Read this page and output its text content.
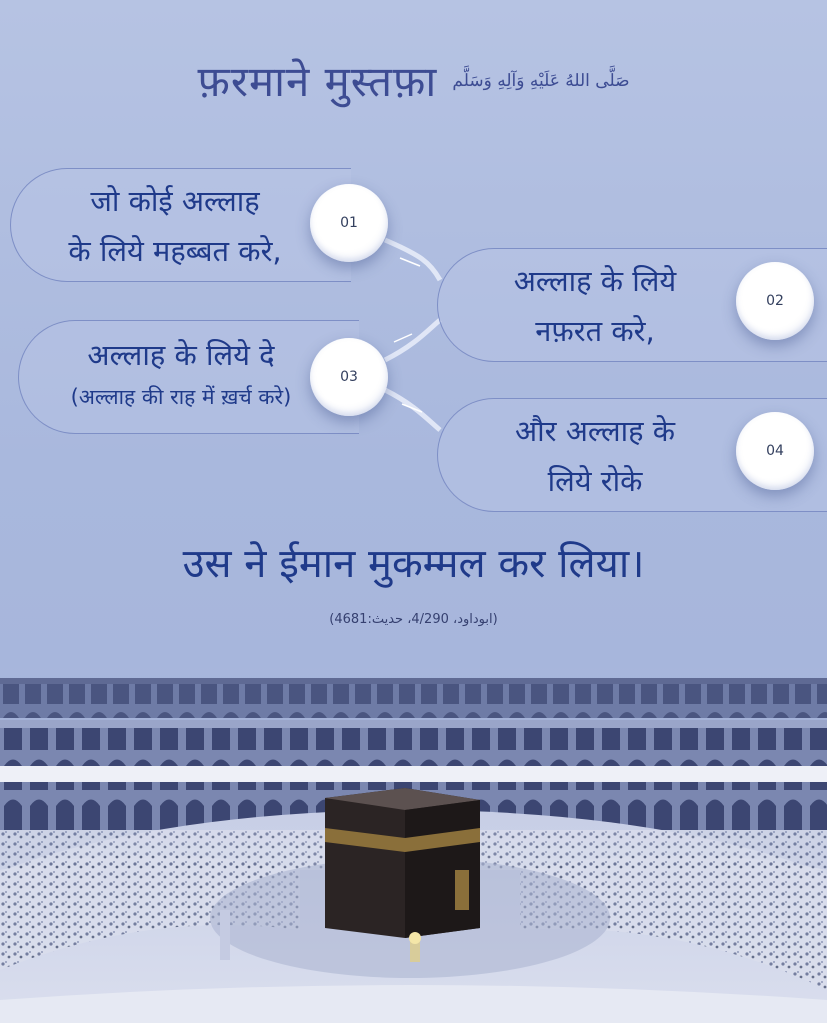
फ़रमाने मुस्तफ़ा صَلَّى اللهُ عَلَيْهِ وَآلِهِ وَسَلَّم
जो कोई अल्लाह
के लिये महब्बत करे,
01
अल्लाह के लिये
नफ़रत करे,
02
अल्लाह के लिये दे
(अल्लाह की राह में ख़र्च करे)
03
और अल्लाह के
लिये रोके
04
उस ने ईमान मुकम्मल कर लिया।
(ابوداود، 4/290، حدیث:4681)
